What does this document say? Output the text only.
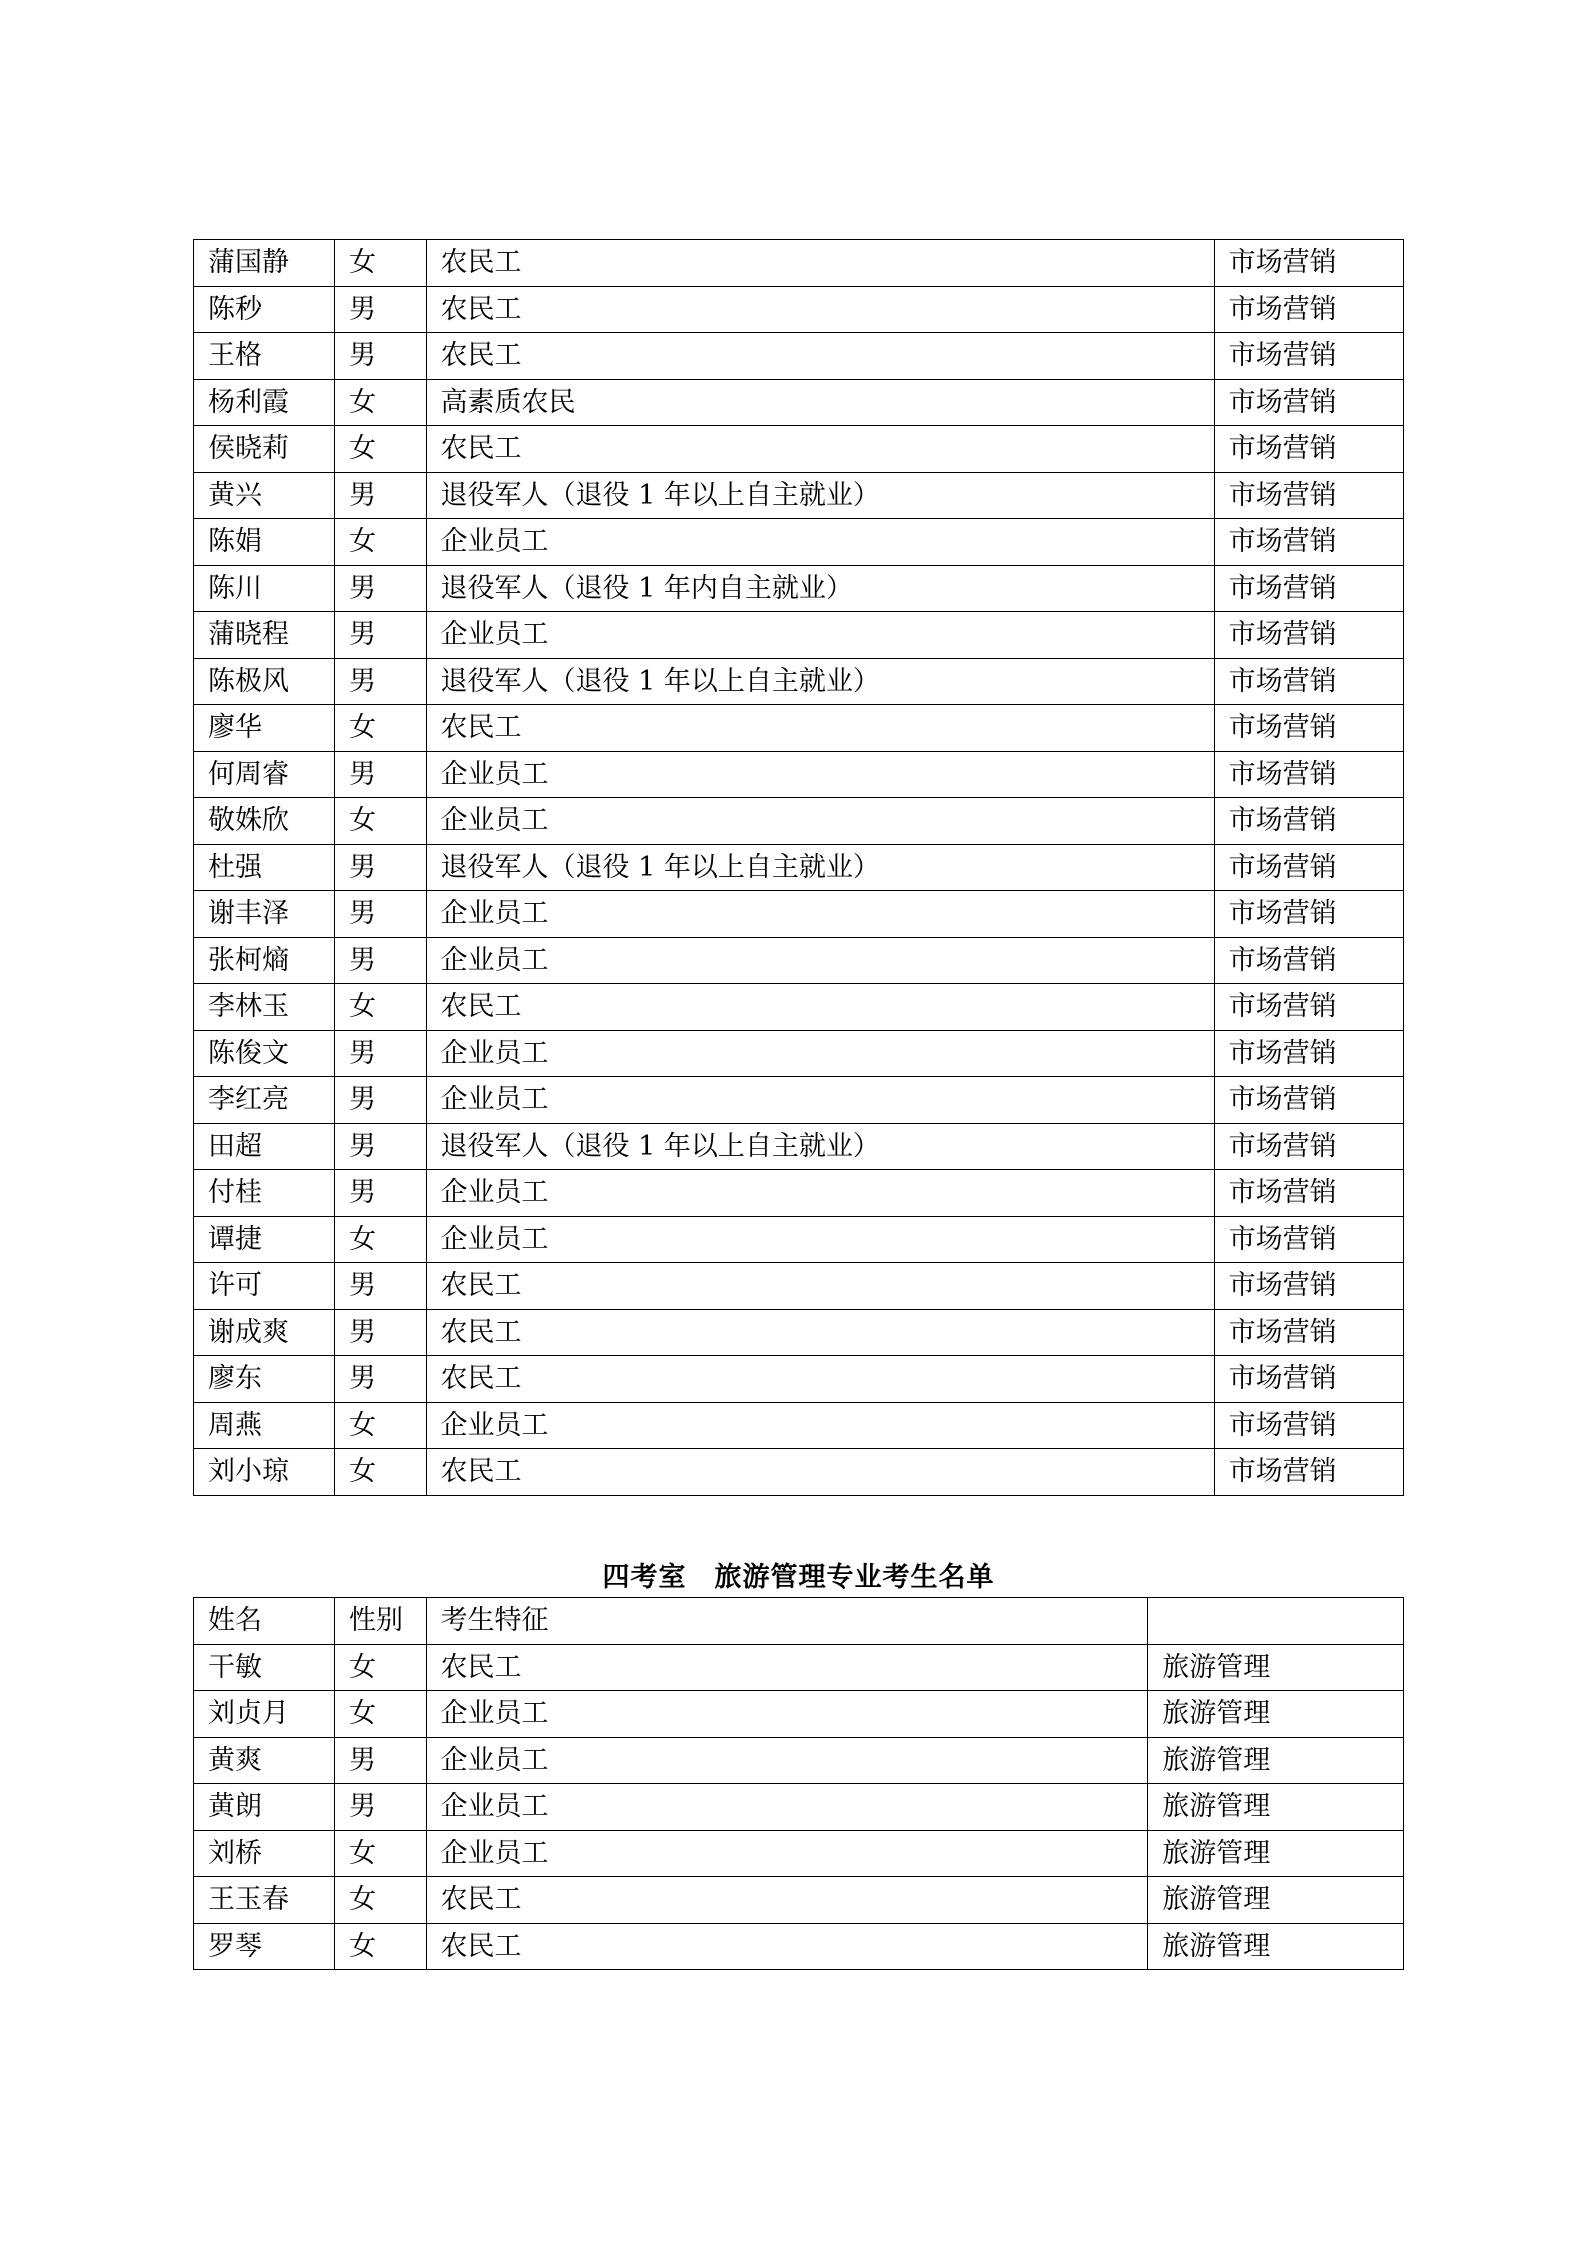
蒲国静	女	农民工	市场营销
陈秒	男	农民工	市场营销
王格	男	农民工	市场营销
杨利霞	女	高素质农民	市场营销
侯晓莉	女	农民工	市场营销
黄兴	男	退役军人（退役 1 年以上自主就业）	市场营销
陈娟	女	企业员工	市场营销
陈川	男	退役军人（退役 1 年内自主就业）	市场营销
蒲晓程	男	企业员工	市场营销
陈极风	男	退役军人（退役 1 年以上自主就业）	市场营销
廖华	女	农民工	市场营销
何周睿	男	企业员工	市场营销
敬姝欣	女	企业员工	市场营销
杜强	男	退役军人（退役 1 年以上自主就业）	市场营销
谢丰泽	男	企业员工	市场营销
张柯熵	男	企业员工	市场营销
李林玉	女	农民工	市场营销
陈俊文	男	企业员工	市场营销
李红亮	男	企业员工	市场营销
田超	男	退役军人（退役 1 年以上自主就业）	市场营销
付桂	男	企业员工	市场营销
谭捷	女	企业员工	市场营销
许可	男	农民工	市场营销
谢成爽	男	农民工	市场营销
廖东	男	农民工	市场营销
周燕	女	企业员工	市场营销
刘小琼	女	农民工	市场营销
四考室　旅游管理专业考生名单
姓名	性别	考生特征	
干敏	女	农民工	旅游管理
刘贞月	女	企业员工	旅游管理
黄爽	男	企业员工	旅游管理
黄朗	男	企业员工	旅游管理
刘桥	女	企业员工	旅游管理
王玉春	女	农民工	旅游管理
罗琴	女	农民工	旅游管理
